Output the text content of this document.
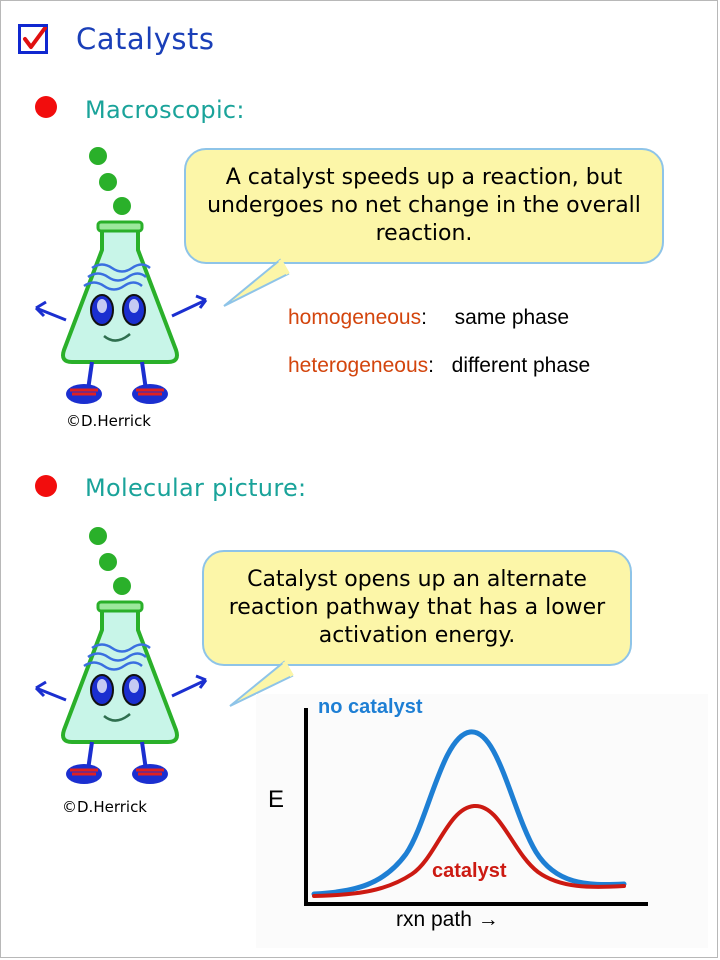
Catalysts
Macroscopic:
A catalyst speeds up a reaction, but undergoes no net change in the overall reaction.
homogeneous: same phase
heterogeneous: different phase
©D.Herrick
Molecular picture:
Catalyst opens up an alternate reaction pathway that has a lower activation energy.
©D.Herrick
no catalyst
catalyst
E
rxn path →
